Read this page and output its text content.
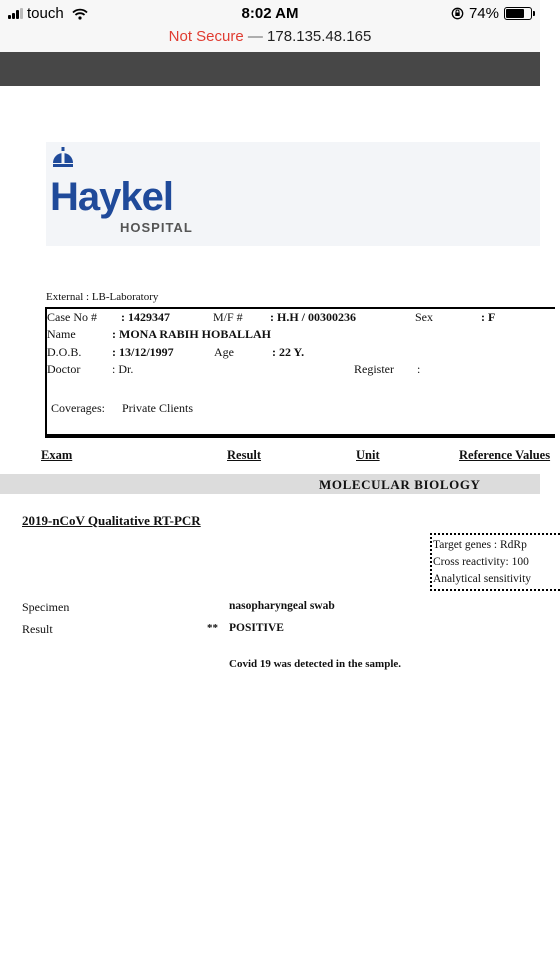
touch	8:02 AM	74%
Not Secure — 178.135.48.165
Haykel
HOSPITAL
External : LB-Laboratory
Case No # : 1429347	M/F # : H.H / 00300236	Sex	: F
Name	: MONA RABIH HOBALLAH
D.O.B.	: 13/12/1997	Age	: 22 Y.
Doctor	: Dr.	Register :
Coverages: Private Clients
Exam	Result	Unit	Reference Values
MOLECULAR BIOLOGY
2019-nCoV Qualitative RT-PCR
Target genes : RdRp
Cross reactivity: 100
Analytical sensitivity
Specimen	nasopharyngeal swab
Result	** POSITIVE
Covid 19 was detected in the sample.
